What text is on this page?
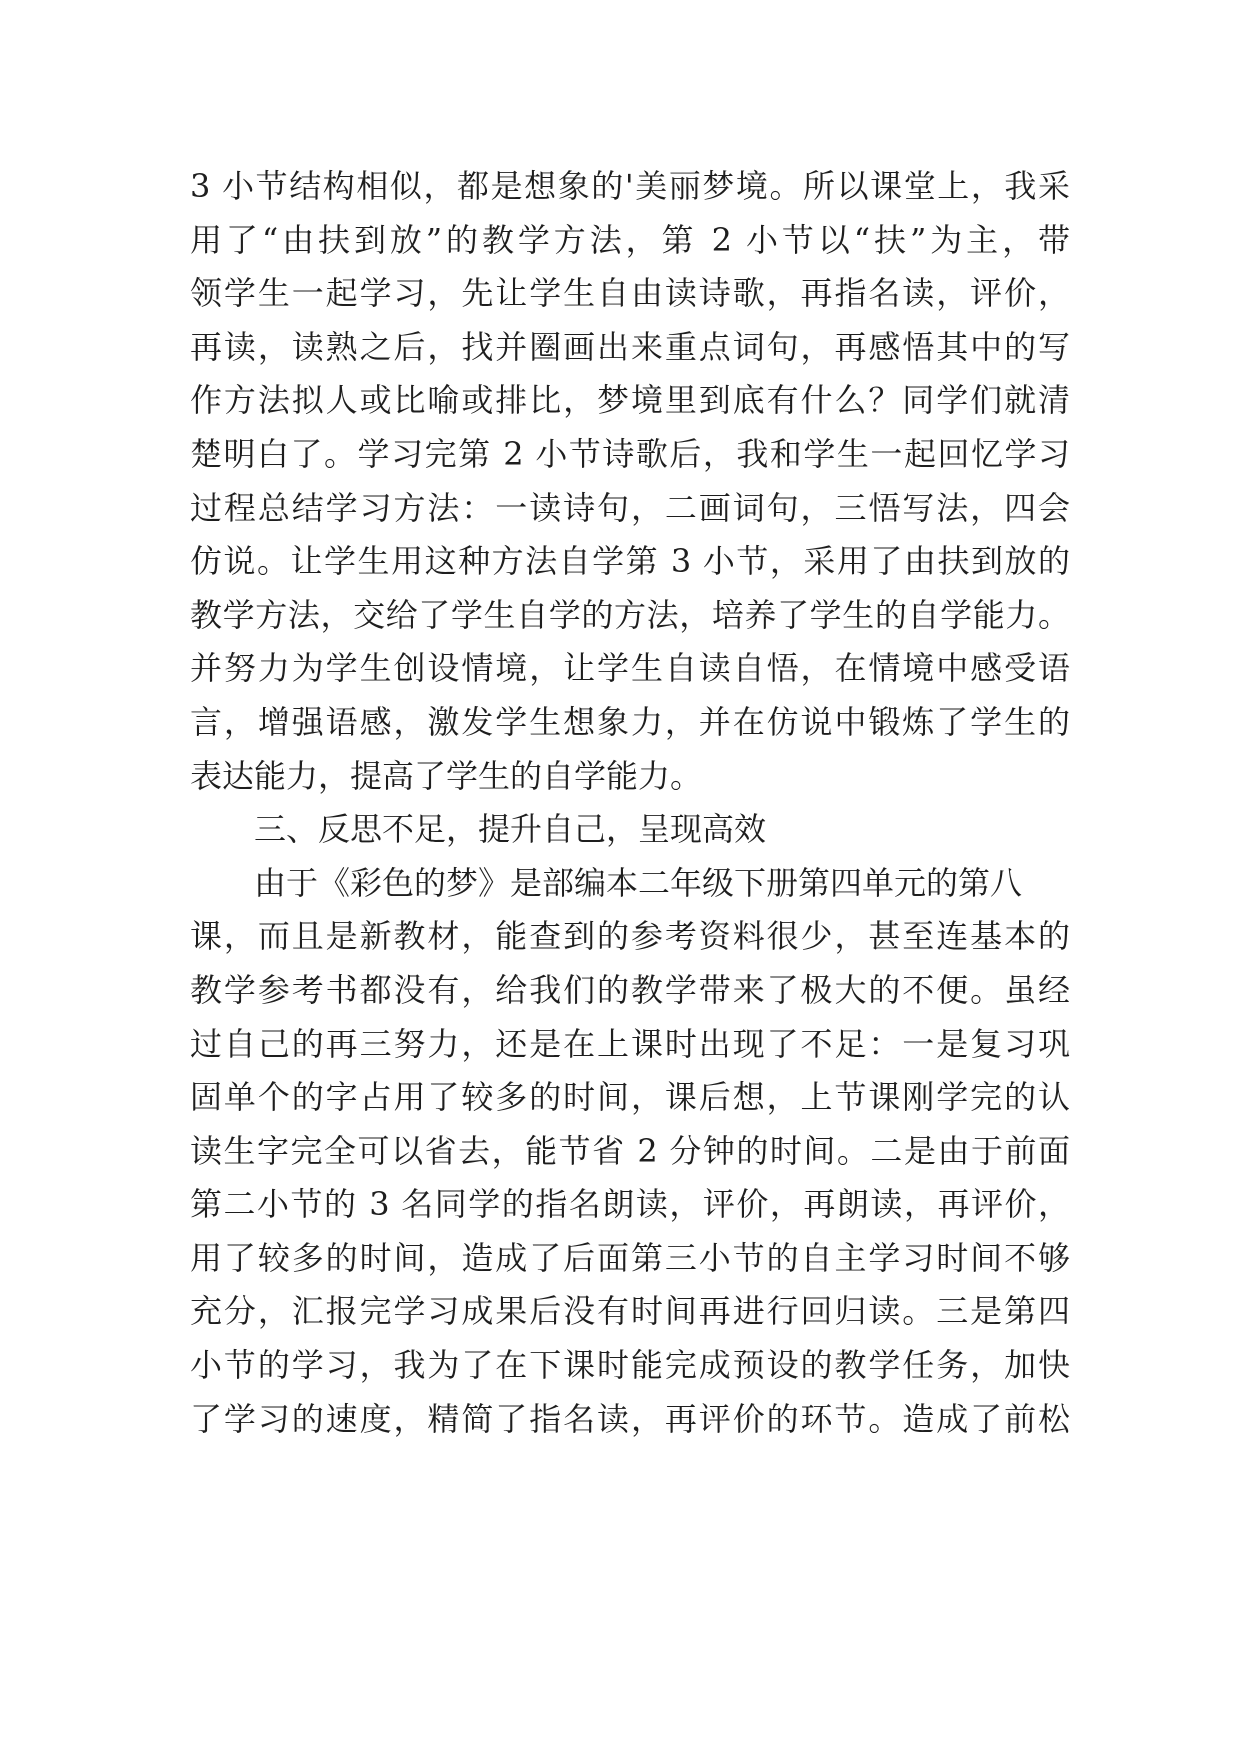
3 小节结构相似，都是想象的'美丽梦境。所以课堂上，我采
用了“由扶到放”的教学方法，第 2 小节以“扶”为主，带
领学生一起学习，先让学生自由读诗歌，再指名读，评价，
再读，读熟之后，找并圈画出来重点词句，再感悟其中的写
作方法拟人或比喻或排比，梦境里到底有什么？同学们就清
楚明白了。学习完第 2 小节诗歌后，我和学生一起回忆学习
过程总结学习方法：一读诗句，二画词句，三悟写法，四会
仿说。让学生用这种方法自学第 3 小节，采用了由扶到放的
教学方法，交给了学生自学的方法，培养了学生的自学能力。
并努力为学生创设情境，让学生自读自悟，在情境中感受语
言，增强语感，激发学生想象力，并在仿说中锻炼了学生的
表达能力，提高了学生的自学能力。
三、反思不足，提升自己，呈现高效
由于《彩色的梦》是部编本二年级下册第四单元的第八
课，而且是新教材，能查到的参考资料很少，甚至连基本的
教学参考书都没有，给我们的教学带来了极大的不便。虽经
过自己的再三努力，还是在上课时出现了不足：一是复习巩
固单个的字占用了较多的时间，课后想，上节课刚学完的认
读生字完全可以省去，能节省 2 分钟的时间。二是由于前面
第二小节的 3 名同学的指名朗读，评价，再朗读，再评价，
用了较多的时间，造成了后面第三小节的自主学习时间不够
充分，汇报完学习成果后没有时间再进行回归读。三是第四
小节的学习，我为了在下课时能完成预设的教学任务，加快
了学习的速度，精简了指名读，再评价的环节。造成了前松
